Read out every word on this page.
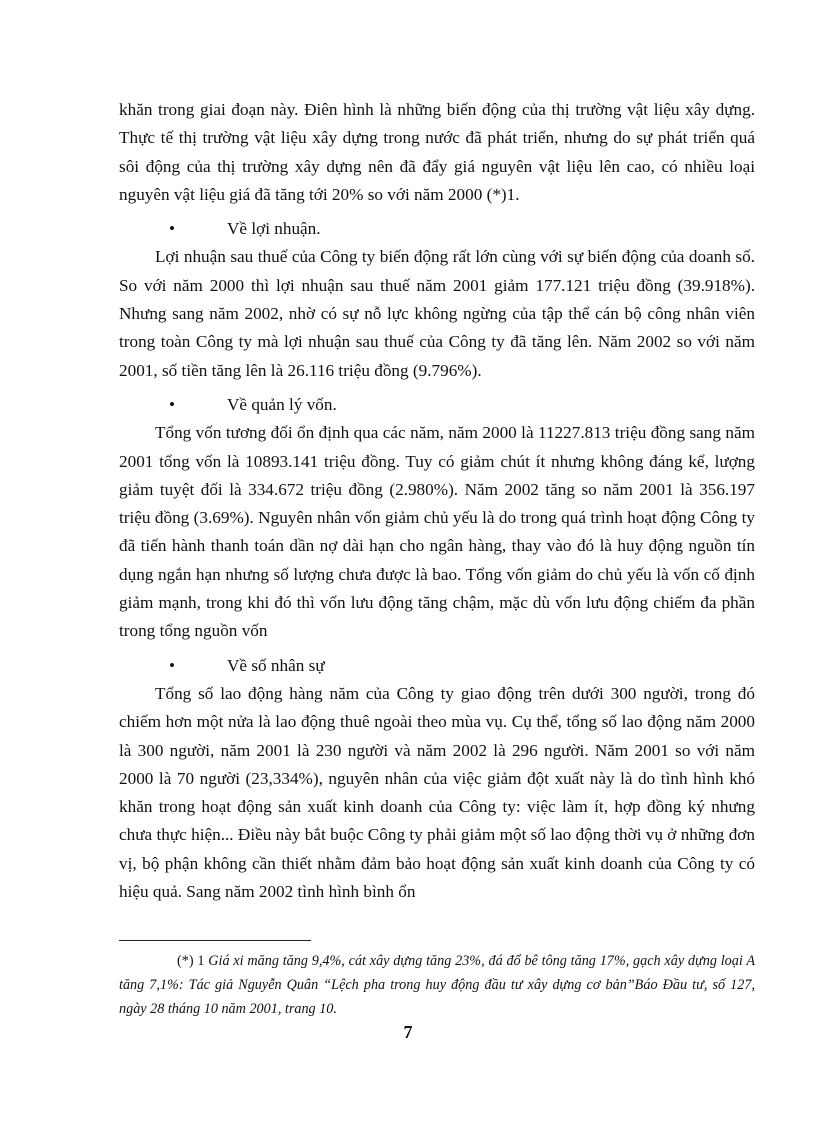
khăn trong giai đoạn này. Điên hình là những biến động của thị trường vật liệu xây dựng. Thực tế thị trường vật liệu xây dựng trong nước đã phát triển, nhưng do sự phát triển quá sôi động của thị trường xây dựng nên đã đẩy giá nguyên vật liệu lên cao, có nhiều loại nguyên vật liệu giá đã tăng tới 20% so với năm 2000 (*)1.

•	Về lợi nhuận.

Lợi nhuận sau thuế của Công ty biến động rất lớn cùng với sự biến động của doanh số. So với năm 2000 thì lợi nhuận sau thuế năm 2001 giảm 177.121 triệu đồng (39.918%). Nhưng sang năm 2002, nhờ có sự nỗ lực không ngừng của tập thể cán bộ công nhân viên trong toàn Công ty mà lợi nhuận sau thuế của Công ty đã tăng lên. Năm 2002 so với năm 2001, số tiền tăng lên là 26.116 triệu đồng (9.796%).

•	Về quản lý vốn.

Tổng vốn tương đối ổn định qua các năm, năm 2000 là 11227.813 triệu đồng sang năm 2001 tổng vốn là 10893.141 triệu đồng. Tuy có giảm chút ít nhưng không đáng kể, lượng giảm tuyệt đối là 334.672 triệu đồng (2.980%). Năm 2002 tăng so năm 2001 là 356.197 triệu đồng (3.69%). Nguyên nhân vốn giảm chủ yếu là do trong quá trình hoạt động Công ty đã tiến hành thanh toán dần nợ dài hạn cho ngân hàng, thay vào đó là huy động nguồn tín dụng ngắn hạn nhưng số lượng chưa được là bao. Tổng vốn giảm do chủ yếu là vốn cố định giảm mạnh, trong khi đó thì vốn lưu động tăng chậm, mặc dù vốn lưu động chiếm đa phần trong tổng nguồn vốn

•	Về số nhân sự

Tổng số lao động hàng năm của Công ty giao động trên dưới 300 người, trong đó chiếm hơn một nửa là lao động thuê ngoài theo mùa vụ. Cụ thể, tổng số lao động năm 2000 là 300 người, năm 2001 là 230 người và năm 2002 là 296 người. Năm 2001 so với năm 2000 là 70 người (23,334%), nguyên nhân của việc giảm đột xuất này là do tình hình khó khăn trong hoạt động sản xuất kinh doanh của Công ty: việc làm ít, hợp đồng ký nhưng chưa thực hiện... Điều này bắt buộc Công ty phải giảm một số lao động thời vụ ở những đơn vị, bộ phận không cần thiết nhằm đảm bảo hoạt động sản xuất kinh doanh của Công ty có hiệu quả. Sang năm 2002 tình hình bình ổn

(*) 1 Giá xi măng tăng 9,4%, cát xây dựng tăng 23%, đá đổ bê tông tăng 17%, gạch xây dựng loại A tăng 7,1%: Tác giả Nguyễn Quân “Lệch pha trong huy động đầu tư xây dựng cơ bản”Báo Đầu tư, số 127, ngày 28 tháng 10 năm 2001, trang 10.
7
